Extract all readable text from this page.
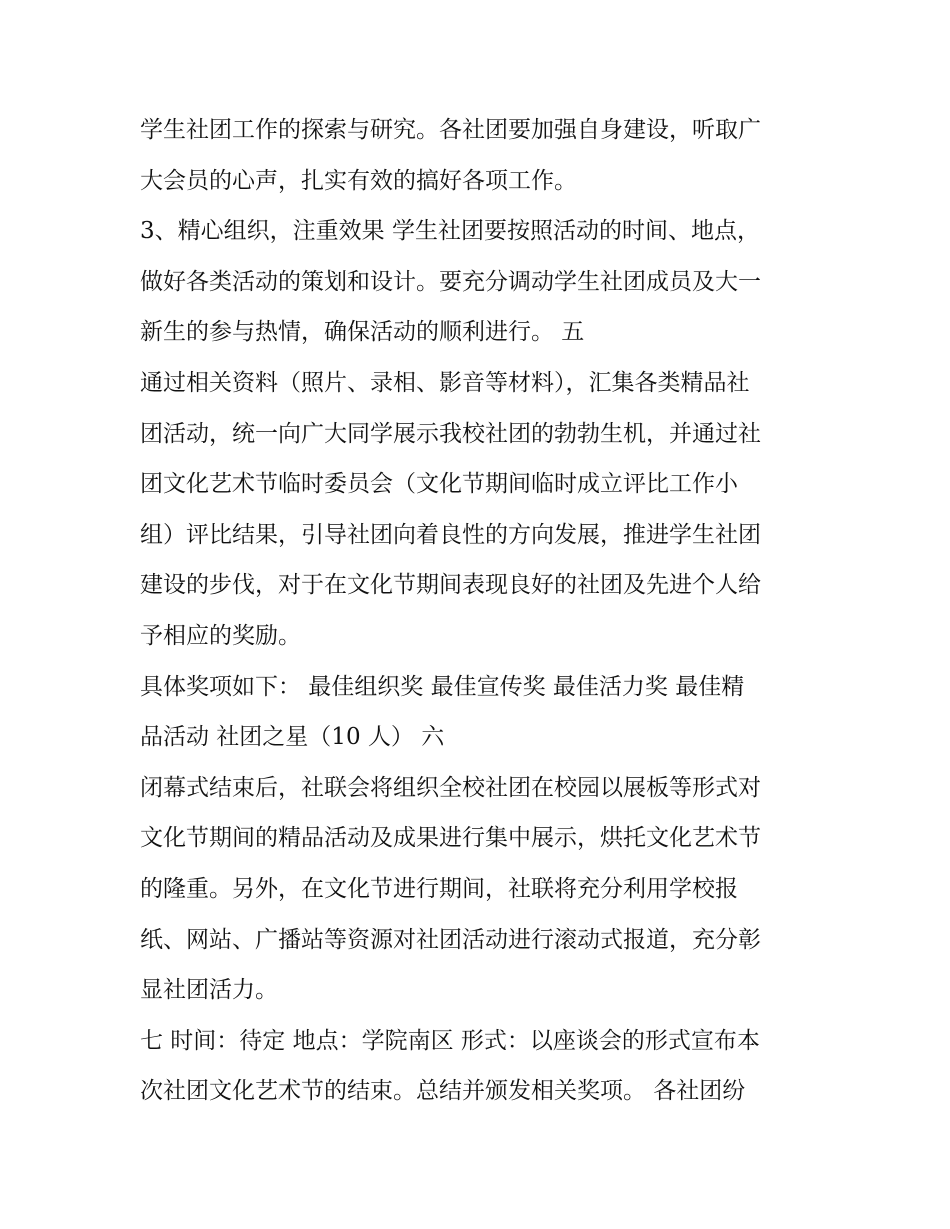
学生社团工作的探索与研究。各社团要加强自身建设，听取广
大会员的心声，扎实有效的搞好各项工作。
3、精心组织，注重效果 学生社团要按照活动的时间、地点，
做好各类活动的策划和设计。要充分调动学生社团成员及大一
新生的参与热情，确保活动的顺利进行。 五
通过相关资料（照片、录相、影音等材料），汇集各类精品社
团活动，统一向广大同学展示我校社团的勃勃生机，并通过社
团文化艺术节临时委员会（文化节期间临时成立评比工作小
组）评比结果，引导社团向着良性的方向发展，推进学生社团
建设的步伐，对于在文化节期间表现良好的社团及先进个人给
予相应的奖励。
具体奖项如下： 最佳组织奖 最佳宣传奖 最佳活力奖 最佳精
品活动 社团之星（10 人） 六
闭幕式结束后，社联会将组织全校社团在校园以展板等形式对
文化节期间的精品活动及成果进行集中展示，烘托文化艺术节
的隆重。另外，在文化节进行期间，社联将充分利用学校报
纸、网站、广播站等资源对社团活动进行滚动式报道，充分彰
显社团活力。
七 时间：待定 地点：学院南区 形式：以座谈会的形式宣布本
次社团文化艺术节的结束。总结并颁发相关奖项。 各社团纷
